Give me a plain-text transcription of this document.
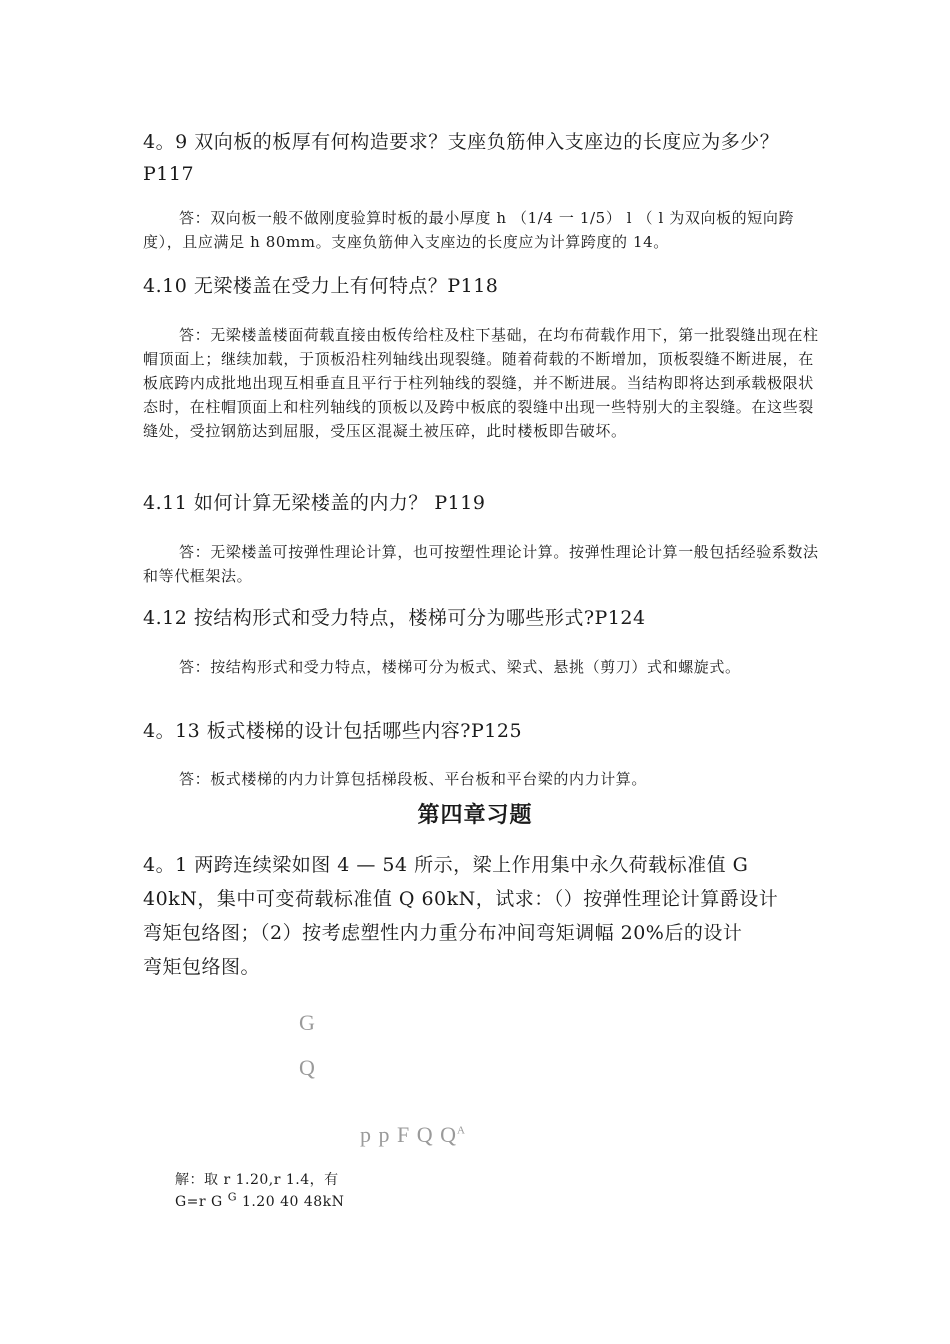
4。9 双向板的板厚有何构造要求？支座负筋伸入支座边的长度应为多少？ P117

答：双向板一般不做刚度验算时板的最小厚度 h （1/4 一 1/5） l （ l 为双向板的短向跨度），且应满足 h 80mm。支座负筋伸入支座边的长度应为计算跨度的 14。

4.10 无梁楼盖在受力上有何特点？P118

答：无梁楼盖楼面荷载直接由板传给柱及柱下基础，在均布荷载作用下，第一批裂缝出现在柱帽顶面上；继续加载，于顶板沿柱列轴线出现裂缝。随着荷载的不断增加，顶板裂缝不断进展，在板底跨内成批地出现互相垂直且平行于柱列轴线的裂缝，并不断进展。当结构即将达到承载极限状态时，在柱帽顶面上和柱列轴线的顶板以及跨中板底的裂缝中出现一些特别大的主裂缝。在这些裂缝处，受拉钢筋达到屈服，受压区混凝土被压碎，此时楼板即告破坏。

4.11 如何计算无梁楼盖的内力？ P119

答：无梁楼盖可按弹性理论计算，也可按塑性理论计算。按弹性理论计算一般包括经验系数法和等代框架法。

4.12 按结构形式和受力特点，楼梯可分为哪些形式?P124

答：按结构形式和受力特点，楼梯可分为板式、梁式、悬挑（剪刀）式和螺旋式。

4。13 板式楼梯的设计包括哪些内容?P125

答：板式楼梯的内力计算包括梯段板、平台板和平台梁的内力计算。

第四章习题
4。1 两跨连续梁如图 4 — 54 所示，梁上作用集中永久荷载标准值 G
40kN，集中可变荷载标准值 Q 60kN，试求：（）按弹性理论计算爵设计
弯矩包络图；（2）按考虑塑性内力重分布冲间弯矩调幅 20%后的设计
弯矩包络图。
G
Q
p p F Q $Q^A$
解：取 r 1.20,r 1.4，有
G=r G $^G$ 1.20 40 48kN
